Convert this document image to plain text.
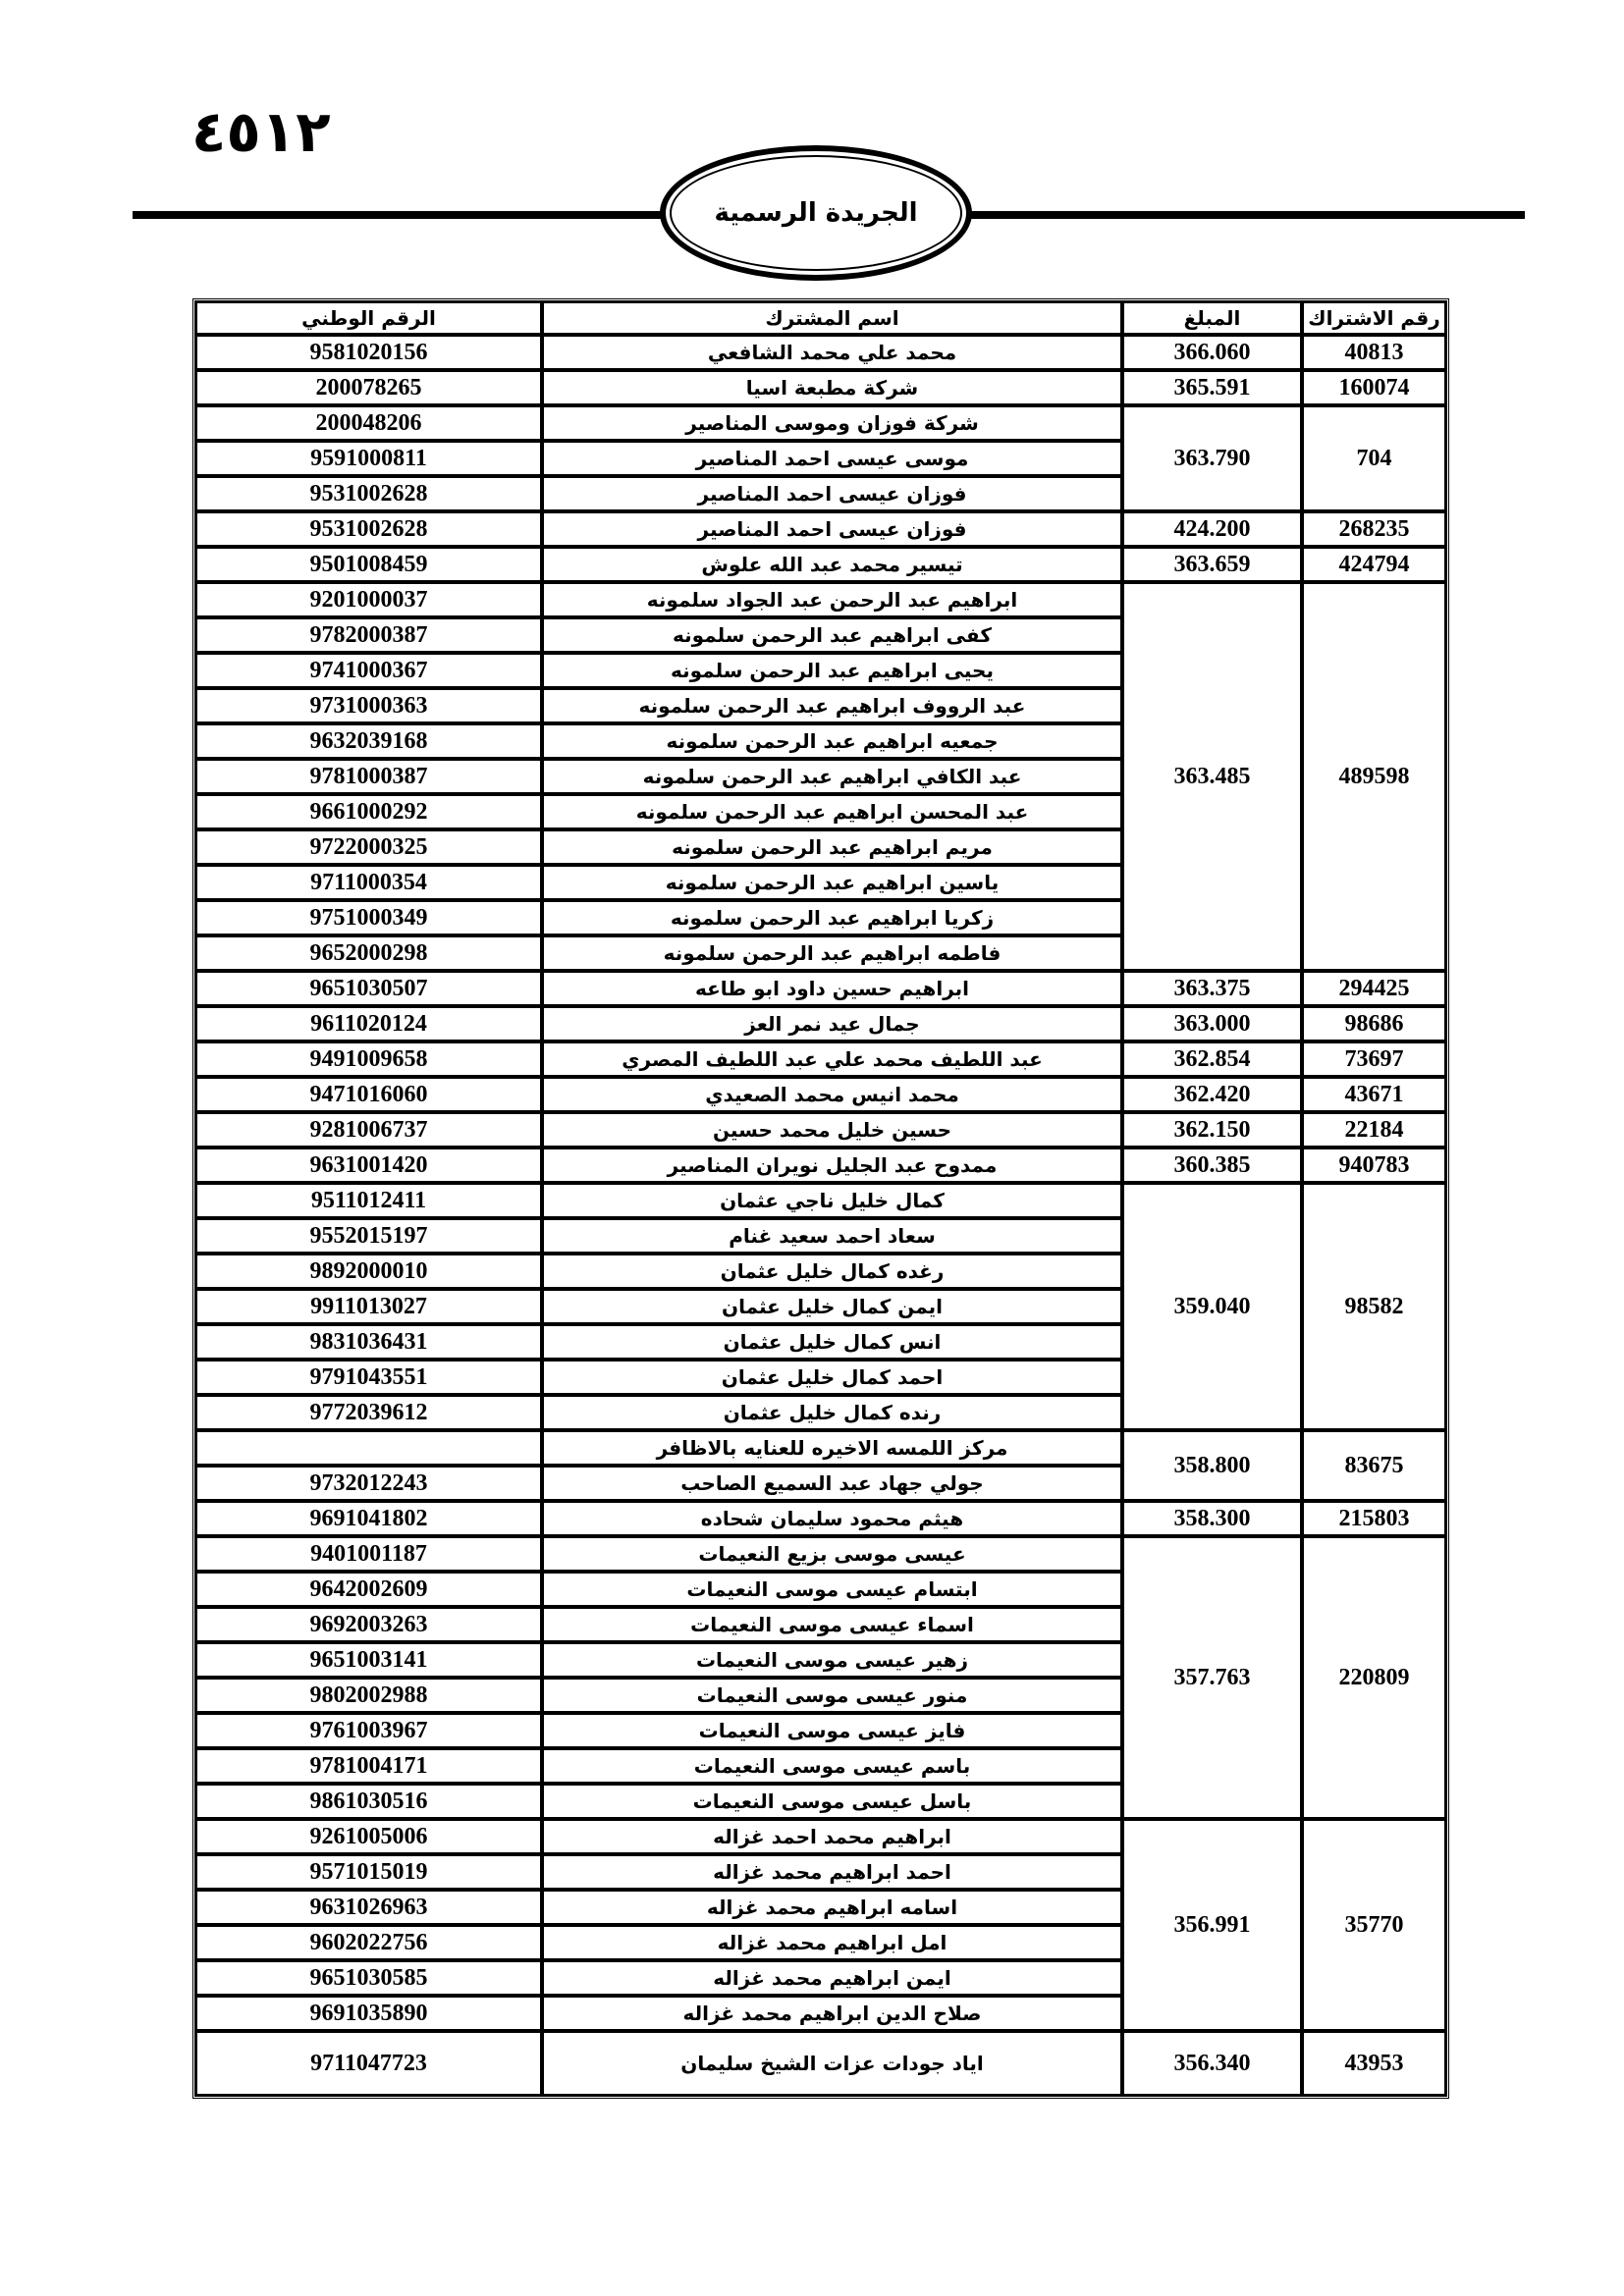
٤٥١٢
الجريدة الرسمية
الرقم الوطني	اسم المشترك	المبلغ	رقم الاشتراك
9581020156	محمد علي محمد الشافعي	366.060	40813
200078265	شركة مطبعة اسيا	365.591	160074
200048206	شركة فوزان وموسى المناصير	363.790	704
9591000811	موسى عيسى احمد المناصير		
9531002628	فوزان عيسى احمد المناصير		
9531002628	فوزان عيسى احمد المناصير	424.200	268235
9501008459	تيسير محمد عبد الله علوش	363.659	424794
9201000037	ابراهيم عبد الرحمن عبد الجواد سلمونه	363.485	489598
9782000387	كفى ابراهيم عبد الرحمن سلمونه		
9741000367	يحيى ابراهيم عبد الرحمن سلمونه		
9731000363	عبد الرووف ابراهيم عبد الرحمن سلمونه		
9632039168	جمعيه ابراهيم عبد الرحمن سلمونه		
9781000387	عبد الكافي ابراهيم عبد الرحمن سلمونه		
9661000292	عبد المحسن ابراهيم عبد الرحمن سلمونه		
9722000325	مريم ابراهيم عبد الرحمن سلمونه		
9711000354	ياسين ابراهيم عبد الرحمن سلمونه		
9751000349	زكريا ابراهيم عبد الرحمن سلمونه		
9652000298	فاطمه ابراهيم عبد الرحمن سلمونه		
9651030507	ابراهيم حسين داود ابو طاعه	363.375	294425
9611020124	جمال عيد نمر العز	363.000	98686
9491009658	عبد اللطيف محمد علي عبد اللطيف المصري	362.854	73697
9471016060	محمد انيس محمد الصعيدي	362.420	43671
9281006737	حسين خليل محمد حسين	362.150	22184
9631001420	ممدوح عبد الجليل نويران المناصير	360.385	940783
9511012411	كمال خليل ناجي عثمان	359.040	98582
9552015197	سعاد احمد سعيد غنام		
9892000010	رغده كمال خليل عثمان		
9911013027	ايمن كمال خليل عثمان		
9831036431	انس كمال خليل عثمان		
9791043551	احمد كمال خليل عثمان		
9772039612	رنده كمال خليل عثمان		
	مركز اللمسه الاخيره للعنايه بالاظافر	358.800	83675
9732012243	جولي جهاد عبد السميع الصاحب		
9691041802	هيثم محمود سليمان شحاده	358.300	215803
9401001187	عيسى موسى بزيع النعيمات	357.763	220809
9642002609	ابتسام عيسى موسى النعيمات		
9692003263	اسماء عيسى موسى النعيمات		
9651003141	زهير عيسى موسى النعيمات		
9802002988	منور عيسى موسى النعيمات		
9761003967	فايز عيسى موسى النعيمات		
9781004171	باسم عيسى موسى النعيمات		
9861030516	باسل عيسى موسى النعيمات		
9261005006	ابراهيم محمد احمد غزاله	356.991	35770
9571015019	احمد ابراهيم محمد غزاله		
9631026963	اسامه ابراهيم محمد غزاله		
9602022756	امل ابراهيم محمد غزاله		
9651030585	ايمن ابراهيم محمد غزاله		
9691035890	صلاح الدين ابراهيم محمد غزاله		
9711047723	اياد جودات عزات الشيخ سليمان	356.340	43953
